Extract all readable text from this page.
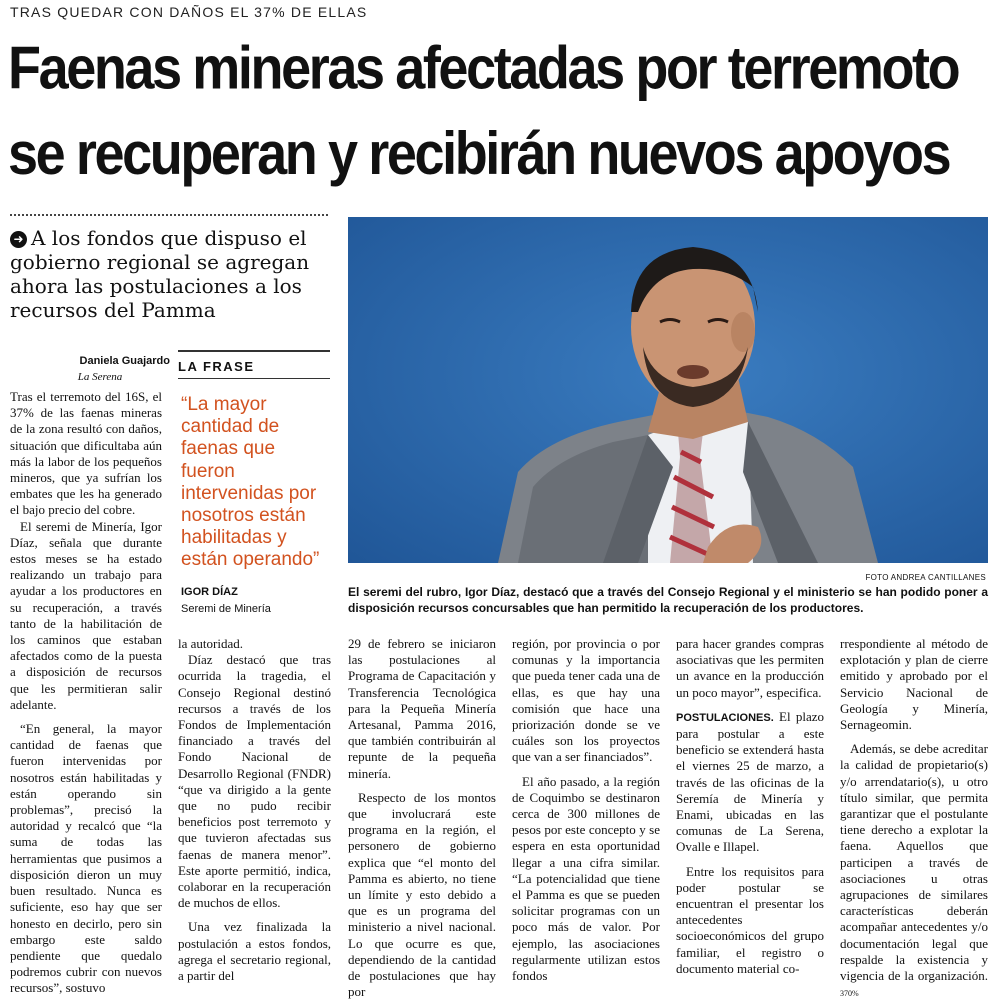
TRAS QUEDAR CON DAÑOS EL 37% DE ELLAS
Faenas mineras afectadas por terremoto se recuperan y recibirán nuevos apoyos

➜ A los fondos que dispuso el gobierno regional se agregan ahora las postulaciones a los recursos del Pamma

Daniela Guajardo
La Serena

Tras el terremoto del 16S, el 37% de las faenas mineras de la zona resultó con daños, situación que dificultaba aún más la labor de los pequeños mineros, que ya sufrían los embates que les ha generado el bajo precio del cobre.

El seremi de Minería, Igor Díaz, señala que durante estos meses se ha estado realizando un trabajo para ayudar a los productores en su recuperación, a través tanto de la habilitación de los caminos que estaban afectados como de la puesta a disposición de recursos que les permitieran salir adelante.

“En general, la mayor cantidad de faenas que fueron intervenidas por nosotros están habilitadas y están operando sin problemas”, precisó la autoridad y recalcó que “la suma de todas las herramientas que pusimos a disposición dieron un muy buen resultado. Nunca es suficiente, eso hay que ser honesto en decirlo, pero sin embargo este saldo pendiente que quedalo podremos cubrir con nuevos recursos”, sostuvo

LA FRASE
“La mayor cantidad de faenas que fueron intervenidas por nosotros están habilitadas y están operando”
IGOR DÍAZ
Seremi de Minería

la autoridad.

Díaz destacó que tras ocurrida la tragedia, el Consejo Regional destinó recursos a través de los Fondos de Implementación financiado a través del Fondo Nacional de Desarrollo Regional (FNDR) “que va dirigido a la gente que no pudo recibir beneficios post terremoto y que tuvieron afectadas sus faenas de manera menor”. Este aporte permitió, indica, colaborar en la recuperación de muchos de ellos.

Una vez finalizada la postulación a estos fondos, agrega el secretario regional, a partir del

FOTO ANDREA CANTILLANES

El seremi del rubro, Igor Díaz, destacó que a través del Consejo Regional y el ministerio se han podido poner a disposición recursos concursables que han permitido la recuperación de los productores.

29 de febrero se iniciaron las postulaciones al Programa de Capacitación y Transferencia Tecnológica para la Pequeña Minería Artesanal, Pamma 2016, que también contribuirán al repunte de la pequeña minería.

Respecto de los montos que involucrará este programa en la región, el personero de gobierno explica que “el monto del Pamma es abierto, no tiene un límite y esto debido a que es un programa del ministerio a nivel nacional. Lo que ocurre es que, dependiendo de la cantidad de postulaciones que hay por

región, por provincia o por comunas y la importancia que pueda tener cada una de ellas, es que hay una comisión que hace una priorización donde se ve cuáles son los proyectos que van a ser financiados”.

El año pasado, a la región de Coquimbo se destinaron cerca de 300 millones de pesos por este concepto y se espera en esta oportunidad llegar a una cifra similar. “La potencialidad que tiene el Pamma es que se pueden solicitar programas con un poco más de valor. Por ejemplo, las asociaciones regularmente utilizan estos fondos

para hacer grandes compras asociativas que les permiten un avance en la producción un poco mayor”, especifica.

POSTULACIONES. El plazo para postular a este beneficio se extenderá hasta el viernes 25 de marzo, a través de las oficinas de la Seremía de Minería y Enami, ubicadas en las comunas de La Serena, Ovalle e Illapel.

Entre los requisitos para poder postular se encuentran el presentar los antecedentes socioeconómicos del grupo familiar, el registro o documento material co-

rrespondiente al método de explotación y plan de cierre emitido y aprobado por el Servicio Nacional de Geología y Minería, Sernageomin.

Además, se debe acreditar la calidad de propietario(s) y/o arrendatario(s), u otro título similar, que permita garantizar que el postulante tiene derecho a explotar la faena. Aquellos que participen a través de asociaciones u otras agrupaciones de similares características deberán acompañar antecedentes y/o documentación legal que respalde la existencia y vigencia de la organización. 370%
